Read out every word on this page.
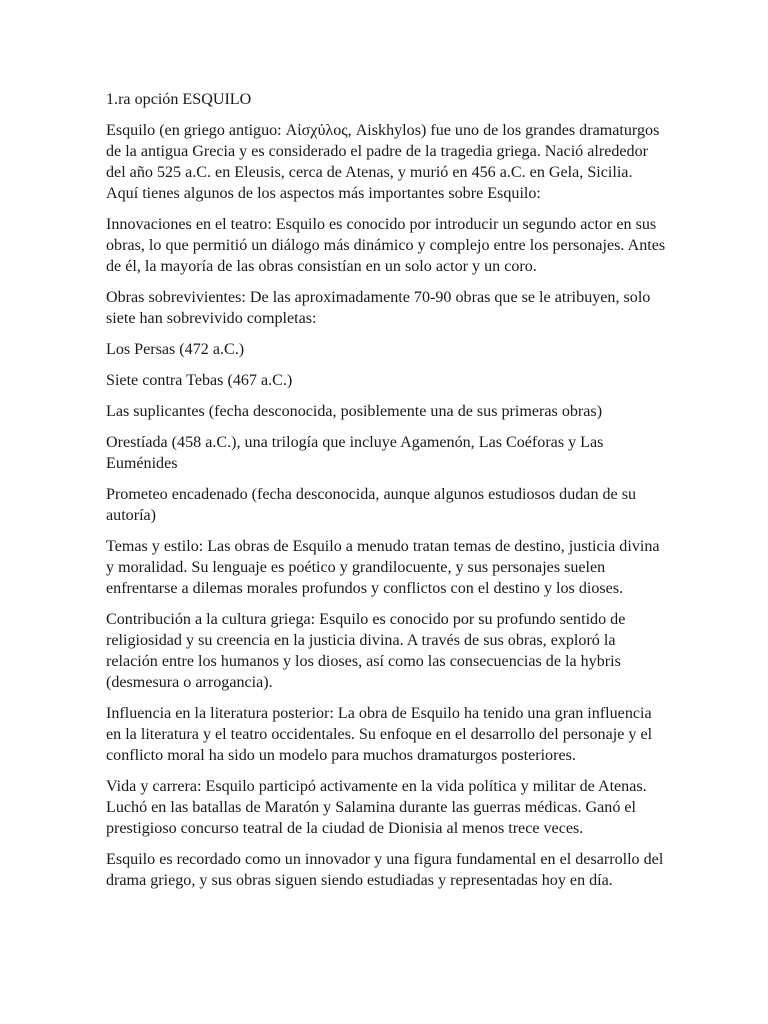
1.ra opción ESQUILO

Esquilo (en griego antiguo: Αἰσχύλος, Aiskhylos) fue uno de los grandes dramaturgos de la antigua Grecia y es considerado el padre de la tragedia griega. Nació alrededor del año 525 a.C. en Eleusis, cerca de Atenas, y murió en 456 a.C. en Gela, Sicilia. Aquí tienes algunos de los aspectos más importantes sobre Esquilo:

Innovaciones en el teatro: Esquilo es conocido por introducir un segundo actor en sus obras, lo que permitió un diálogo más dinámico y complejo entre los personajes. Antes de él, la mayoría de las obras consistían en un solo actor y un coro.

Obras sobrevivientes: De las aproximadamente 70-90 obras que se le atribuyen, solo siete han sobrevivido completas:

Los Persas (472 a.C.)

Siete contra Tebas (467 a.C.)

Las suplicantes (fecha desconocida, posiblemente una de sus primeras obras)

Orestíada (458 a.C.), una trilogía que incluye Agamenón, Las Coéforas y Las Euménides

Prometeo encadenado (fecha desconocida, aunque algunos estudiosos dudan de su autoría)

Temas y estilo: Las obras de Esquilo a menudo tratan temas de destino, justicia divina y moralidad. Su lenguaje es poético y grandilocuente, y sus personajes suelen enfrentarse a dilemas morales profundos y conflictos con el destino y los dioses.

Contribución a la cultura griega: Esquilo es conocido por su profundo sentido de religiosidad y su creencia en la justicia divina. A través de sus obras, exploró la relación entre los humanos y los dioses, así como las consecuencias de la hybris (desmesura o arrogancia).

Influencia en la literatura posterior: La obra de Esquilo ha tenido una gran influencia en la literatura y el teatro occidentales. Su enfoque en el desarrollo del personaje y el conflicto moral ha sido un modelo para muchos dramaturgos posteriores.

Vida y carrera: Esquilo participó activamente en la vida política y militar de Atenas. Luchó en las batallas de Maratón y Salamina durante las guerras médicas. Ganó el prestigioso concurso teatral de la ciudad de Dionisia al menos trece veces.

Esquilo es recordado como un innovador y una figura fundamental en el desarrollo del drama griego, y sus obras siguen siendo estudiadas y representadas hoy en día.
